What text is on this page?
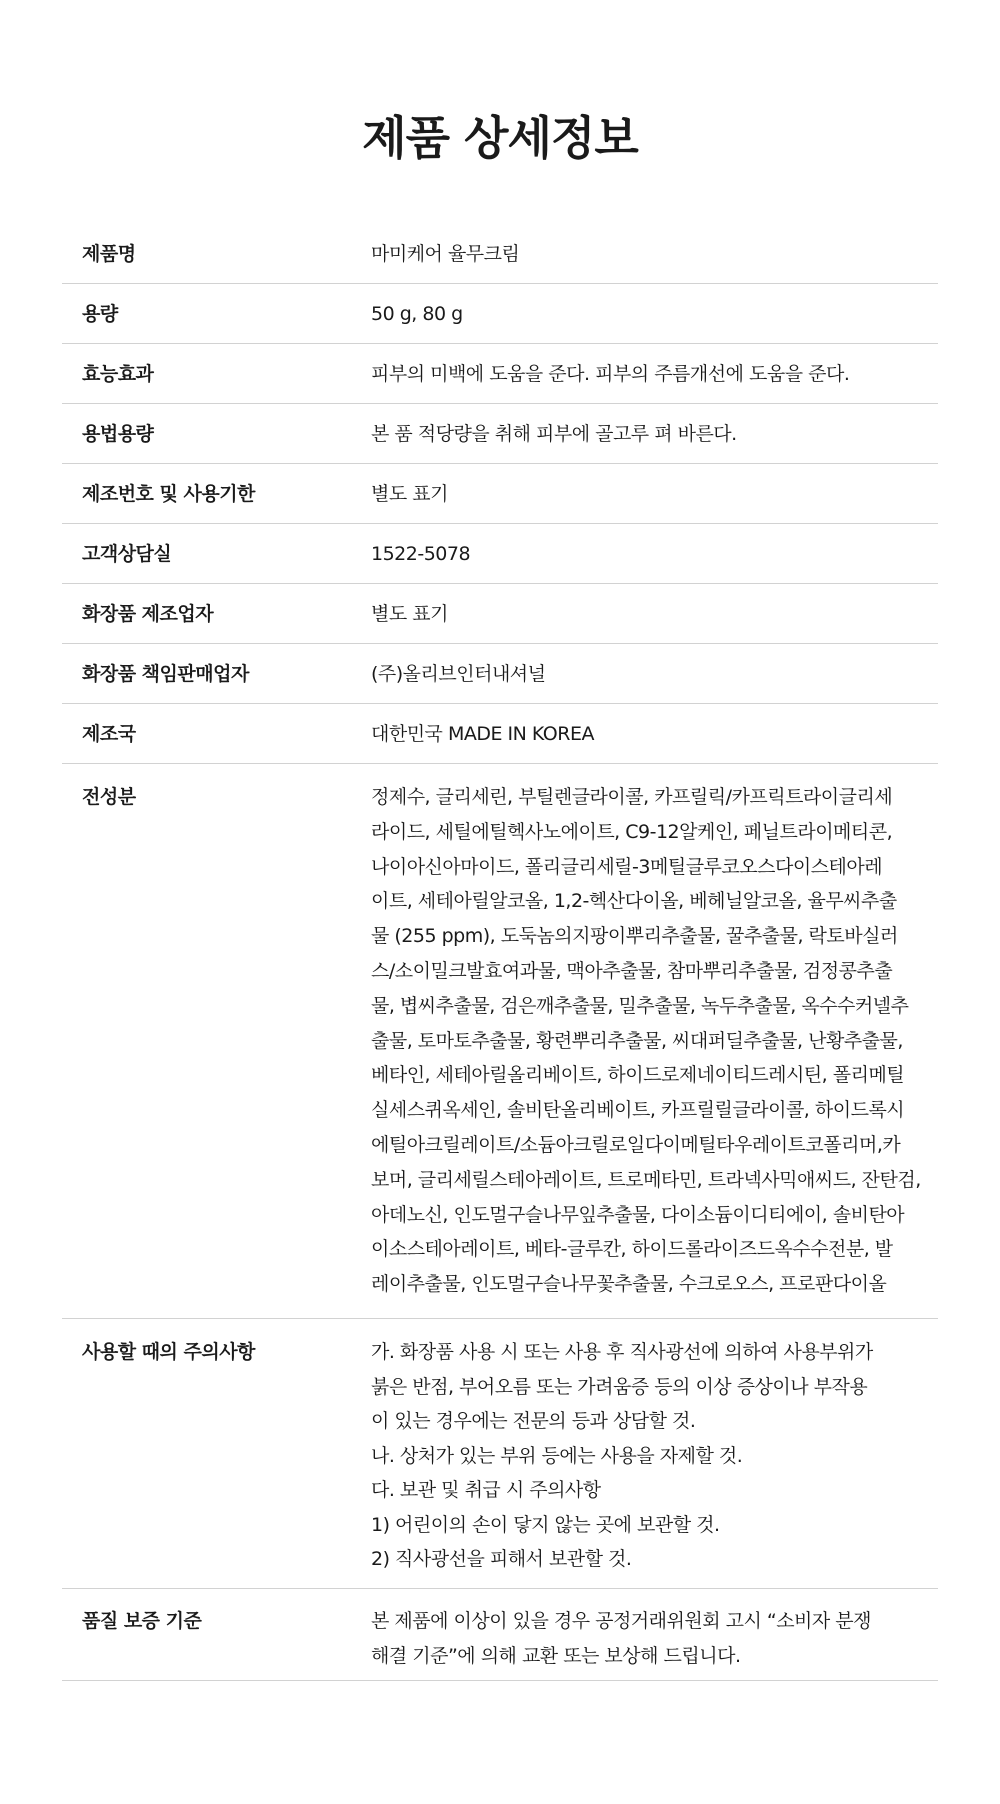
제품 상세정보
제품명	마미케어 율무크림
용량	50 g, 80 g
효능효과	피부의 미백에 도움을 준다. 피부의 주름개선에 도움을 준다.
용법용량	본 품 적당량을 취해 피부에 골고루 펴 바른다.
제조번호 및 사용기한	별도 표기
고객상담실	1522-5078
화장품 제조업자	별도 표기
화장품 책임판매업자	(주)올리브인터내셔널
제조국	대한민국 MADE IN KOREA
전성분	정제수, 글리세린, 부틸렌글라이콜, 카프릴릭/카프릭트라이글리세
라이드, 세틸에틸헥사노에이트, C9-12알케인, 페닐트라이메티콘,
나이아신아마이드, 폴리글리세릴-3메틸글루코오스다이스테아레
이트, 세테아릴알코올, 1,2-헥산다이올, 베헤닐알코올, 율무씨추출
물 (255 ppm), 도둑놈의지팡이뿌리추출물, 꿀추출물, 락토바실러
스/소이밀크발효여과물, 맥아추출물, 참마뿌리추출물, 검정콩추출
물, 볍씨추출물, 검은깨추출물, 밀추출물, 녹두추출물, 옥수수커넬추
출물, 토마토추출물, 황련뿌리추출물, 씨대퍼딜추출물, 난황추출물,
베타인, 세테아릴올리베이트, 하이드로제네이티드레시틴, 폴리메틸
실세스퀴옥세인, 솔비탄올리베이트, 카프릴릴글라이콜, 하이드록시
에틸아크릴레이트/소듐아크릴로일다이메틸타우레이트코폴리머,카
보머, 글리세릴스테아레이트, 트로메타민, 트라넥사믹애씨드, 잔탄검,
아데노신, 인도멀구슬나무잎추출물, 다이소듐이디티에이, 솔비탄아
이소스테아레이트, 베타-글루칸, 하이드롤라이즈드옥수수전분, 발
레이추출물, 인도멀구슬나무꽃추출물, 수크로오스, 프로판다이올
사용할 때의 주의사항	가. 화장품 사용 시 또는 사용 후 직사광선에 의하여 사용부위가
붉은 반점, 부어오름 또는 가려움증 등의 이상 증상이나 부작용
이 있는 경우에는 전문의 등과 상담할 것.
나. 상처가 있는 부위 등에는 사용을 자제할 것.
다. 보관 및 취급 시 주의사항
1) 어린이의 손이 닿지 않는 곳에 보관할 것.
2) 직사광선을 피해서 보관할 것.
품질 보증 기준	본 제품에 이상이 있을 경우 공정거래위원회 고시 “소비자 분쟁
해결 기준”에 의해 교환 또는 보상해 드립니다.
